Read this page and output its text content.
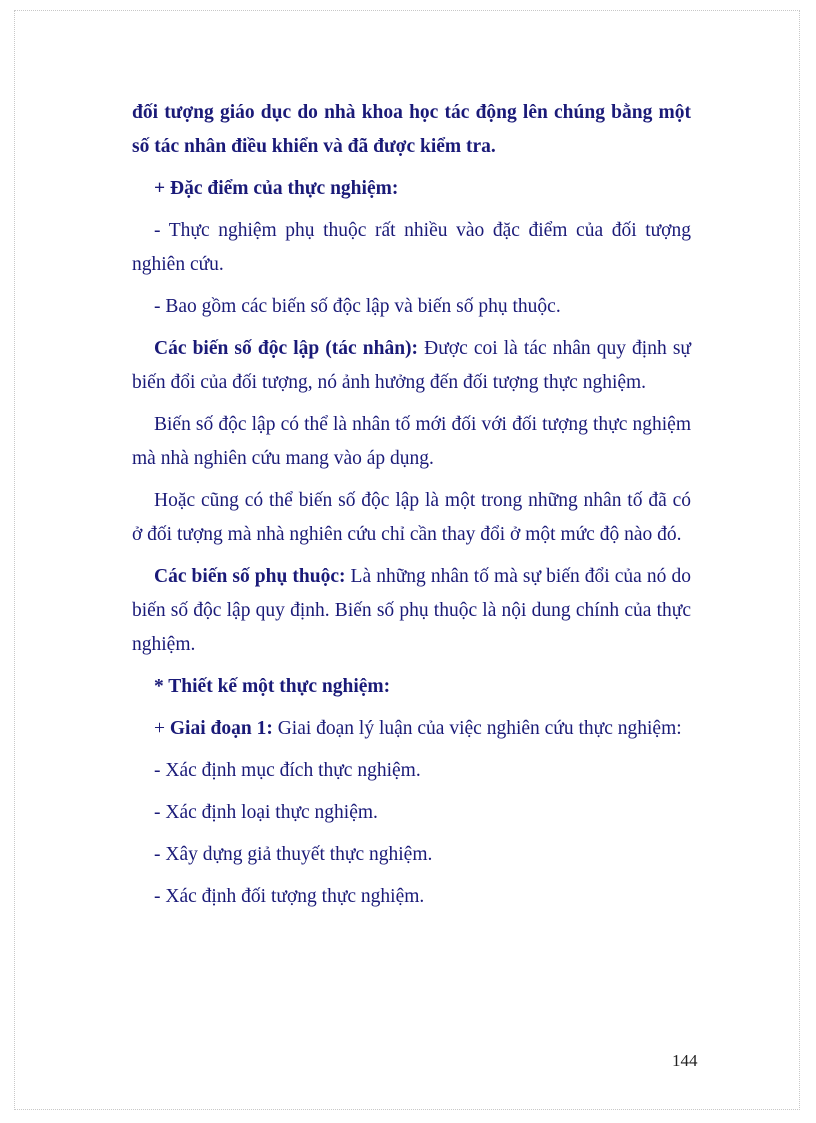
đối tượng giáo dục do nhà khoa học tác động lên chúng bằng một số tác nhân điều khiển và đã được kiểm tra.

+ Đặc điểm của thực nghiệm:

- Thực nghiệm phụ thuộc rất nhiều vào đặc điểm của đối tượng nghiên cứu.

- Bao gồm các biến số độc lập và biến số phụ thuộc.

Các biến số độc lập (tác nhân): Được coi là tác nhân quy định sự biến đổi của đối tượng, nó ảnh hưởng đến đối tượng thực nghiệm.

Biến số độc lập có thể là nhân tố mới đối với đối tượng thực nghiệm mà nhà nghiên cứu mang vào áp dụng.

Hoặc cũng có thể biến số độc lập là một trong những nhân tố đã có ở đối tượng mà nhà nghiên cứu chỉ cần thay đổi ở một mức độ nào đó.

Các biến số phụ thuộc: Là những nhân tố mà sự biến đổi của nó do biến số độc lập quy định. Biến số phụ thuộc là nội dung chính của thực nghiệm.

* Thiết kế một thực nghiệm:

+ Giai đoạn 1: Giai đoạn lý luận của việc nghiên cứu thực nghiệm:

- Xác định mục đích thực nghiệm.

- Xác định loại thực nghiệm.

- Xây dựng giả thuyết thực nghiệm.

- Xác định đối tượng thực nghiệm.

144
